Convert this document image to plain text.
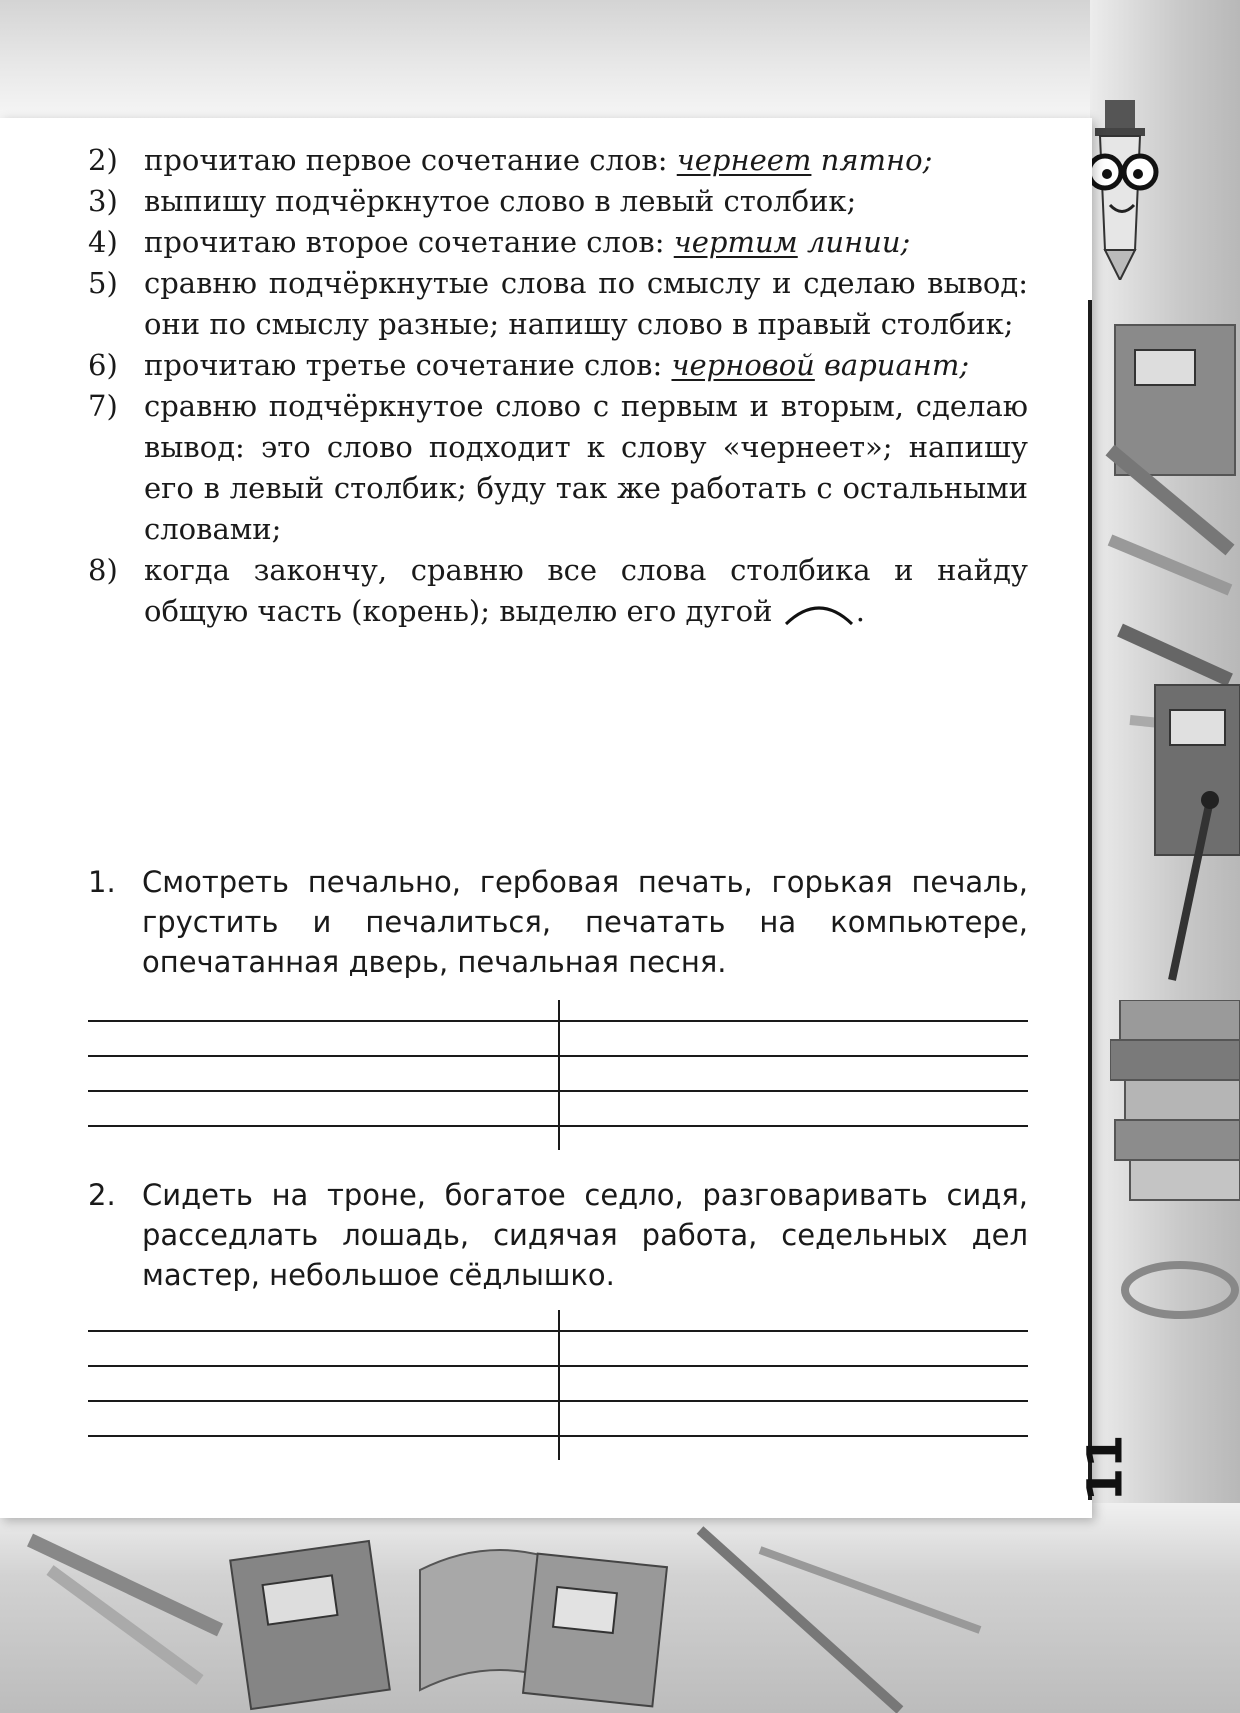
2) прочитаю первое сочетание слов: чернеет пятно;
3) выпишу подчёркнутое слово в левый столбик;
4) прочитаю второе сочетание слов: чертим линии;
5) сравню подчёркнутые слова по смыслу и сделаю вывод: они по смыслу разные; напишу слово в правый столбик;
6) прочитаю третье сочетание слов: черновой вариант;
7) сравню подчёркнутое слово с первым и вторым, сделаю вывод: это слово подходит к слову «чернеет»; напишу его в левый столбик; буду так же работать с остальными словами;
8) когда закончу, сравню все слова столбика и найду общую часть (корень); выделю его дугой	.
1. Смотреть печально, гербовая печать, горькая печаль, грустить и печалиться, печатать на компьютере, опечатанная дверь, печальная песня.
2. Сидеть на троне, богатое седло, разговаривать сидя, расседлать лошадь, сидячая работа, седельных дел мастер, небольшое сёдлышко.
11
